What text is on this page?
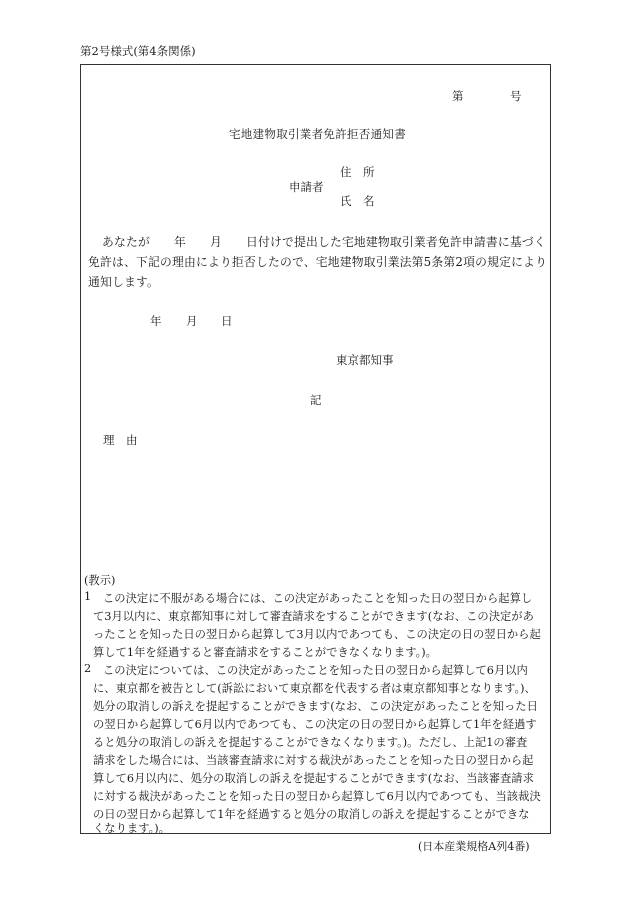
第2号様式(第4条関係)
第	号
宅地建物取引業者免許拒否通知書
住　所
申請者
氏　名
あなたが　　年　　月　　日付けで提出した宅地建物取引業者免許申請書に基づく
免許は、下記の理由により拒否したので、宅地建物取引業法第5条第2項の規定により
通知します。
年 月 日
東京都知事
記
理　由
(教示)
1 この決定に不服がある場合には、この決定があったことを知った日の翌日から起算し
て3月以内に、東京都知事に対して審査請求をすることができます(なお、この決定があ
ったことを知った日の翌日から起算して3月以内であつても、この決定の日の翌日から起
算して1年を経過すると審査請求をすることができなくなります。)。
2 この決定については、この決定があったことを知った日の翌日から起算して6月以内
に、東京都を被告として(訴訟において東京都を代表する者は東京都知事となります。)、
処分の取消しの訴えを提起することができます(なお、この決定があったことを知った日
の翌日から起算して6月以内であつても、この決定の日の翌日から起算して1年を経過す
ると処分の取消しの訴えを提起することができなくなります。)。ただし、上記1の審査
請求をした場合には、当該審査請求に対する裁決があったことを知った日の翌日から起
算して6月以内に、処分の取消しの訴えを提起することができます(なお、当該審査請求
に対する裁決があったことを知った日の翌日から起算して6月以内であつても、当該裁決
の日の翌日から起算して1年を経過すると処分の取消しの訴えを提起することができな
くなります。)。
(日本産業規格A列4番)
